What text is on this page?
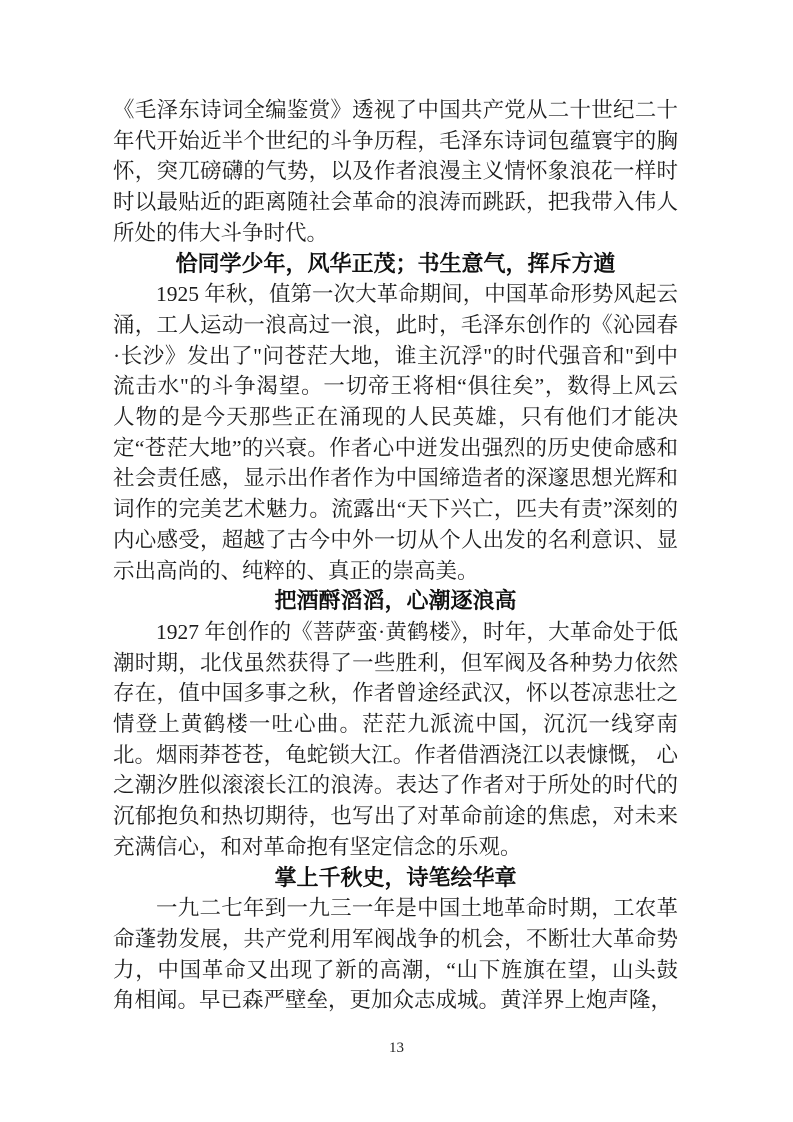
《毛泽东诗词全编鉴赏》透视了中国共产党从二十世纪二十年代开始近半个世纪的斗争历程，毛泽东诗词包蕴寰宇的胸怀，突兀磅礴的气势，以及作者浪漫主义情怀象浪花一样时时以最贴近的距离随社会革命的浪涛而跳跃，把我带入伟人所处的伟大斗争时代。

恰同学少年，风华正茂；书生意气，挥斥方遒

1925 年秋，值第一次大革命期间，中国革命形势风起云涌，工人运动一浪高过一浪，此时，毛泽东创作的《沁园春·长沙》发出了"问苍茫大地，谁主沉浮"的时代强音和"到中流击水"的斗争渴望。一切帝王将相“俱往矣”，数得上风云人物的是今天那些正在涌现的人民英雄，只有他们才能决定“苍茫大地”的兴衰。作者心中迸发出强烈的历史使命感和社会责任感，显示出作者作为中国缔造者的深邃思想光辉和词作的完美艺术魅力。流露出“天下兴亡，匹夫有责”深刻的内心感受，超越了古今中外一切从个人出发的名利意识、显示出高尚的、纯粹的、真正的崇高美。

把酒酹滔滔，心潮逐浪高

1927 年创作的《菩萨蛮·黄鹤楼》，时年，大革命处于低潮时期，北伐虽然获得了一些胜利，但军阀及各种势力依然存在，值中国多事之秋，作者曾途经武汉，怀以苍凉悲壮之情登上黄鹤楼一吐心曲。茫茫九派流中国，沉沉一线穿南北。烟雨莽苍苍，龟蛇锁大江。作者借酒浇江以表慷慨， 心之潮汐胜似滚滚长江的浪涛。表达了作者对于所处的时代的沉郁抱负和热切期待，也写出了对革命前途的焦虑，对未来充满信心，和对革命抱有坚定信念的乐观。

掌上千秋史，诗笔绘华章

一九二七年到一九三一年是中国土地革命时期，工农革命蓬勃发展，共产党利用军阀战争的机会，不断壮大革命势力，中国革命又出现了新的高潮，“山下旌旗在望，山头鼓角相闻。早已森严壁垒，更加众志成城。黄洋界上炮声隆，

13
